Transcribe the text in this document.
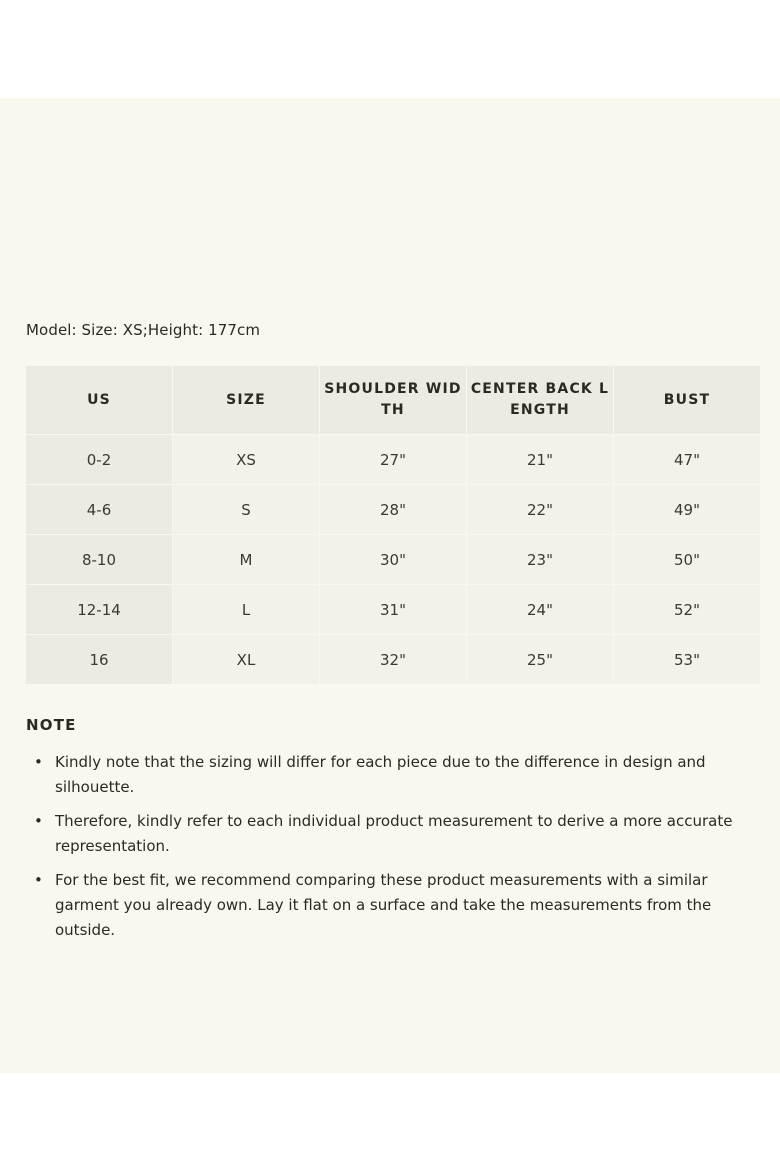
Model: Size: XS;Height: 177cm
US	SIZE	SHOULDER WIDTH	CENTER BACK LENGTH	BUST
0-2	XS	27"	21"	47"
4-6	S	28"	22"	49"
8-10	M	30"	23"	50"
12-14	L	31"	24"	52"
16	XL	32"	25"	53"
NOTE
• Kindly note that the sizing will differ for each piece due to the difference in design and silhouette.
• Therefore, kindly refer to each individual product measurement to derive a more accurate representation.
• For the best fit, we recommend comparing these product measurements with a similar garment you already own. Lay it flat on a surface and take the measurements from the outside.
